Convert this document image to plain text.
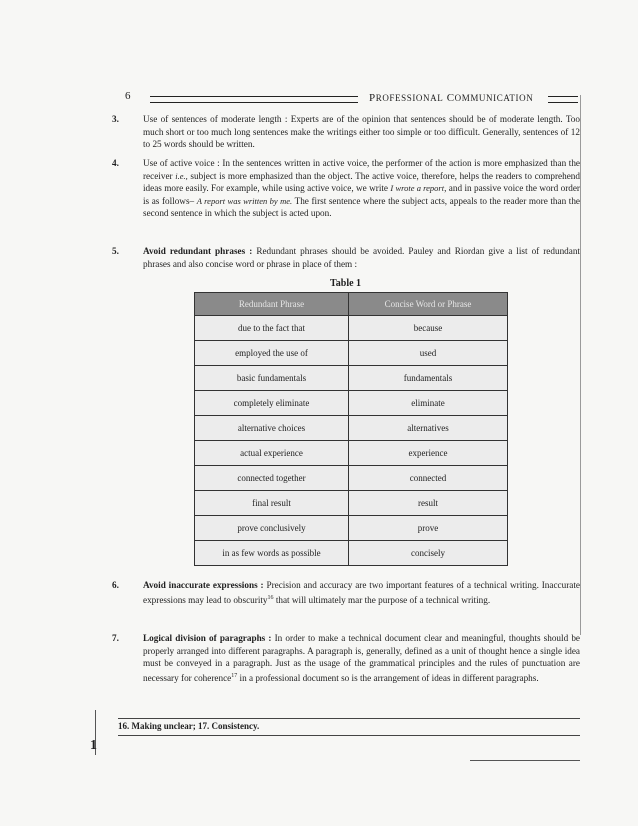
6	PROFESSIONAL COMMUNICATION
3.	Use of sentences of moderate length : Experts are of the opinion that sentences should be of moderate length. Too much short or too much long sentences make the writings either too simple or too difficult. Generally, sentences of 12 to 25 words should be written.
4.	Use of active voice : In the sentences written in active voice, the performer of the action is more emphasized than the receiver i.e., subject is more emphasized than the object. The active voice, therefore, helps the readers to comprehend ideas more easily. For example, while using active voice, we write I wrote a report, and in passive voice the word order is as follows– A report was written by me. The first sentence where the subject acts, appeals to the reader more than the second sentence in which the subject is acted upon.
5.	Avoid redundant phrases : Redundant phrases should be avoided. Pauley and Riordan give a list of redundant phrases and also concise word or phrase in place of them :
Table 1
Redundant Phrase	Concise Word or Phrase
due to the fact that	because
employed the use of	used
basic fundamentals	fundamentals
completely eliminate	eliminate
alternative choices	alternatives
actual experience	experience
connected together	connected
final result	result
prove conclusively	prove
in as few words as possible	concisely
6.	Avoid inaccurate expressions : Precision and accuracy are two important features of a technical writing. Inaccurate expressions may lead to obscurity$^{16}$ that will ultimately mar the purpose of a technical writing.
7.	Logical division of paragraphs : In order to make a technical document clear and meaningful, thoughts should be properly arranged into different paragraphs. A paragraph is, generally, defined as a unit of thought hence a single idea must be conveyed in a paragraph. Just as the usage of the grammatical principles and the rules of punctuation are necessary for coherence$^{17}$ in a professional document so is the arrangement of ideas in different paragraphs.
16. Making unclear; 17. Consistency.
1
